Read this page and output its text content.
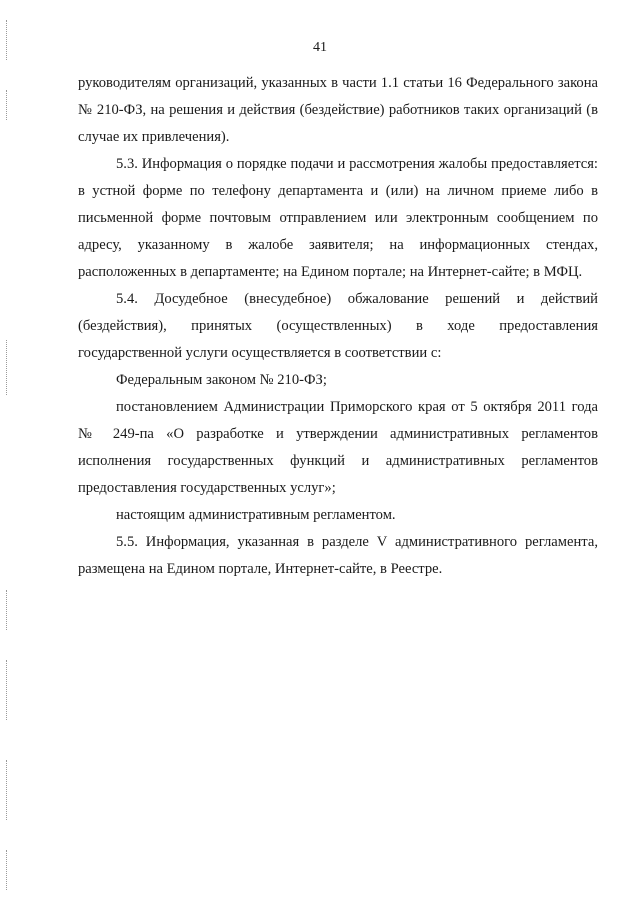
41

руководителям организаций, указанных в части 1.1 статьи 16 Федерального закона № 210-ФЗ, на решения и действия (бездействие) работников таких организаций (в случае их привлечения).

5.3. Информация о порядке подачи и рассмотрения жалобы предоставляется: в устной форме по телефону департамента и (или) на личном приеме либо в письменной форме почтовым отправлением или электронным сообщением по адресу, указанному в жалобе заявителя; на информационных стендах, расположенных в департаменте; на Едином портале; на Интернет-сайте; в МФЦ.

5.4. Досудебное (внесудебное) обжалование решений и действий (бездействия), принятых (осуществленных) в ходе предоставления государственной услуги осуществляется в соответствии с:

Федеральным законом № 210-ФЗ;

постановлением Администрации Приморского края от 5 октября 2011 года № 249-па «О разработке и утверждении административных регламентов исполнения государственных функций и административных регламентов предоставления государственных услуг»;

настоящим административным регламентом.

5.5. Информация, указанная в разделе V административного регламента, размещена на Едином портале, Интернет-сайте, в Реестре.
